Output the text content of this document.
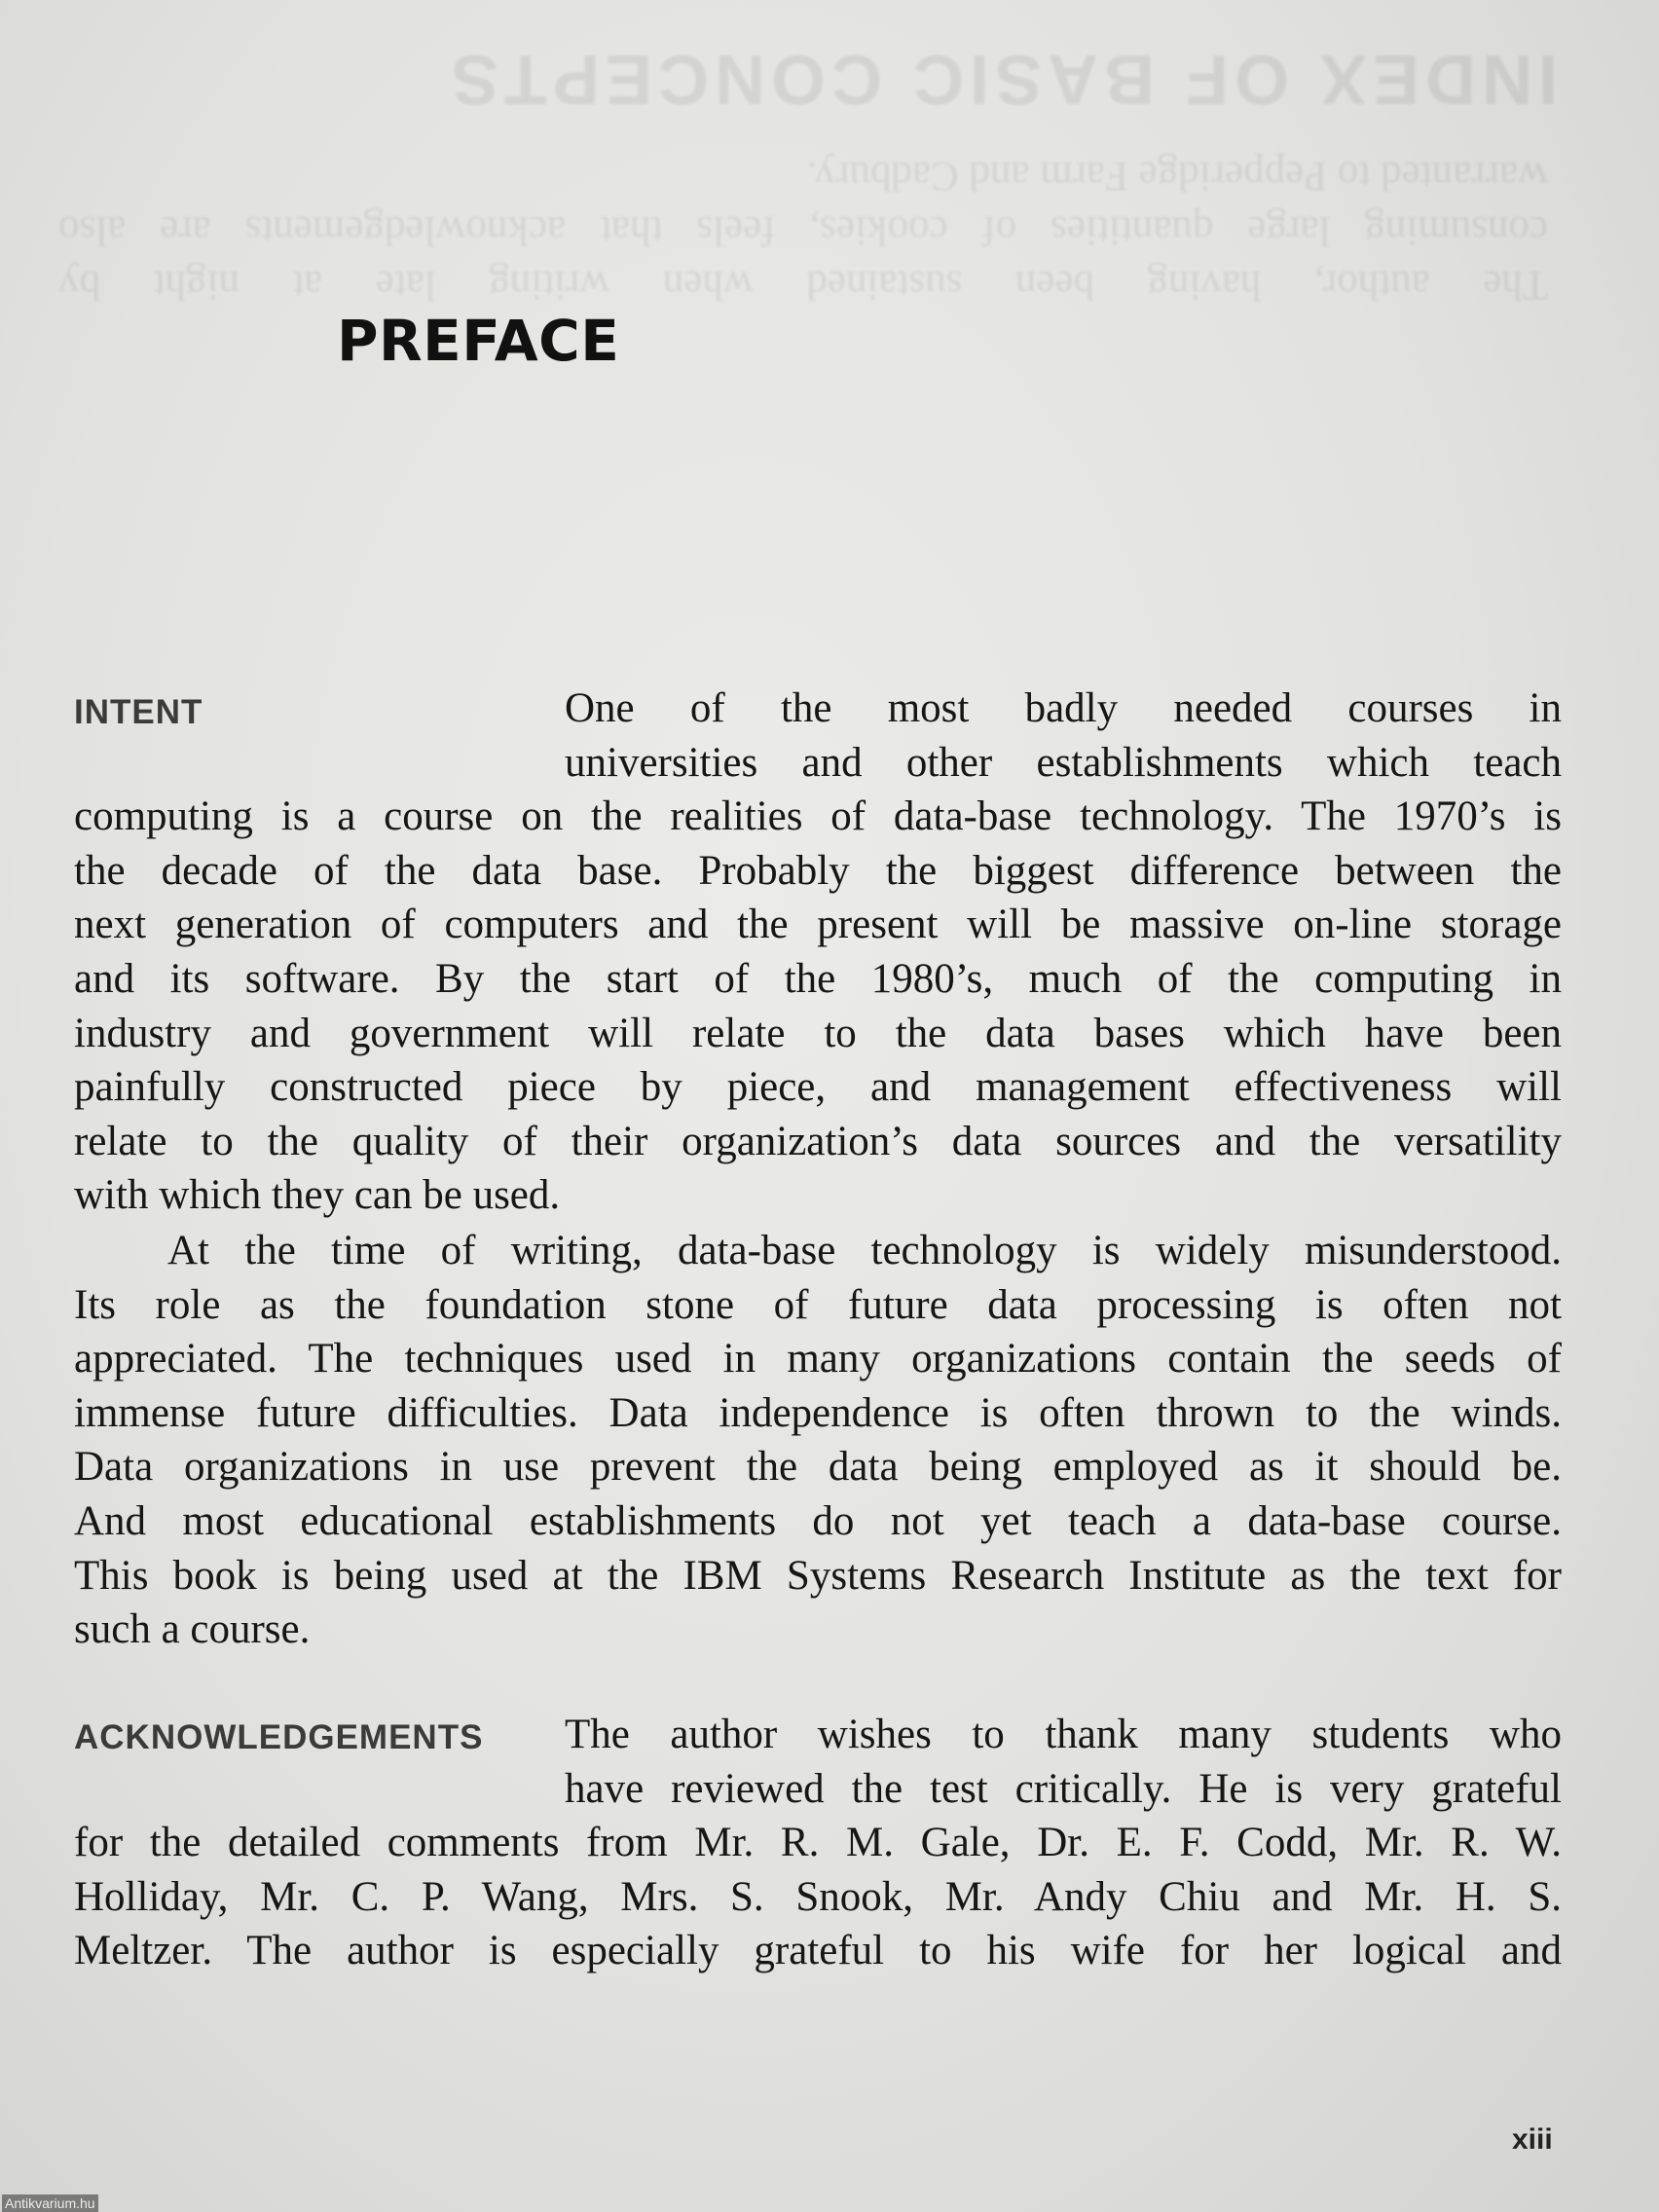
The author, having been sustained when writing late at night by
consuming large quantities of cookies, feels that acknowledgements are also
warranted to Pepperidge Farm and Cadbury.
INDEX OF BASIC CONCEPTS
PREFACE
INTENT	One of the most badly needed courses in
universities and other establishments which teach
computing is a course on the realities of data-base technology. The 1970’s is
the decade of the data base. Probably the biggest difference between the
next generation of computers and the present will be massive on-line storage
and its software. By the start of the 1980’s, much of the computing in
industry and government will relate to the data bases which have been
painfully constructed piece by piece, and management effectiveness will
relate to the quality of their organization’s data sources and the versatility
with which they can be used.
At the time of writing, data-base technology is widely misunderstood.
Its role as the foundation stone of future data processing is often not
appreciated. The techniques used in many organizations contain the seeds of
immense future difficulties. Data independence is often thrown to the winds.
Data organizations in use prevent the data being employed as it should be.
And most educational establishments do not yet teach a data-base course.
This book is being used at the IBM Systems Research Institute as the text for
such a course.
ACKNOWLEDGEMENTS The author wishes to thank many students who
have reviewed the test critically. He is very grateful
for the detailed comments from Mr. R. M. Gale, Dr. E. F. Codd, Mr. R. W.
Holliday, Mr. C. P. Wang, Mrs. S. Snook, Mr. Andy Chiu and Mr. H. S.
Meltzer. The author is especially grateful to his wife for her logical and
xiii
Antikvarium.hu
